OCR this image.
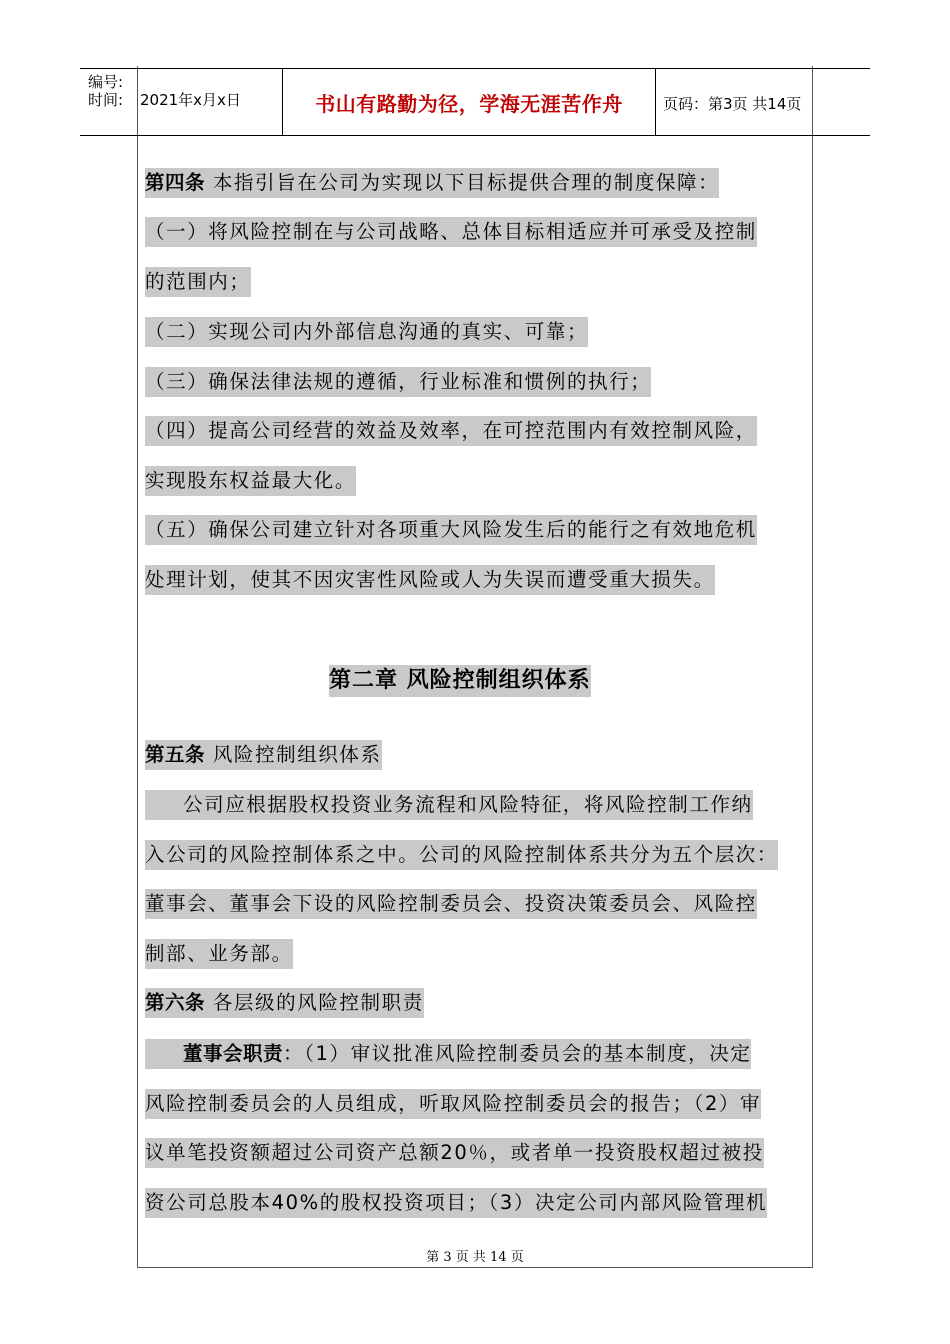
编号:
时间: 2021年x月x日	书山有路勤为径，学海无涯苦作舟	页码：第3页 共14页
第四条 本指引旨在公司为实现以下目标提供合理的制度保障：
（一）将风险控制在与公司战略、总体目标相适应并可承受及控制
的范围内；
（二）实现公司内外部信息沟通的真实、可靠；
（三）确保法律法规的遵循，行业标准和惯例的执行；
（四）提高公司经营的效益及效率，在可控范围内有效控制风险，
实现股东权益最大化。
（五）确保公司建立针对各项重大风险发生后的能行之有效地危机
处理计划，使其不因灾害性风险或人为失误而遭受重大损失。
第二章 风险控制组织体系
第五条 风险控制组织体系
公司应根据股权投资业务流程和风险特征，将风险控制工作纳
入公司的风险控制体系之中。公司的风险控制体系共分为五个层次：
董事会、董事会下设的风险控制委员会、投资决策委员会、风险控
制部、业务部。
第六条 各层级的风险控制职责
董事会职责：（1）审议批准风险控制委员会的基本制度，决定
风险控制委员会的人员组成，听取风险控制委员会的报告；（2）审
议单笔投资额超过公司资产总额20％，或者单一投资股权超过被投
资公司总股本40%的股权投资项目；（3）决定公司内部风险管理机
第 3 页 共 14 页
